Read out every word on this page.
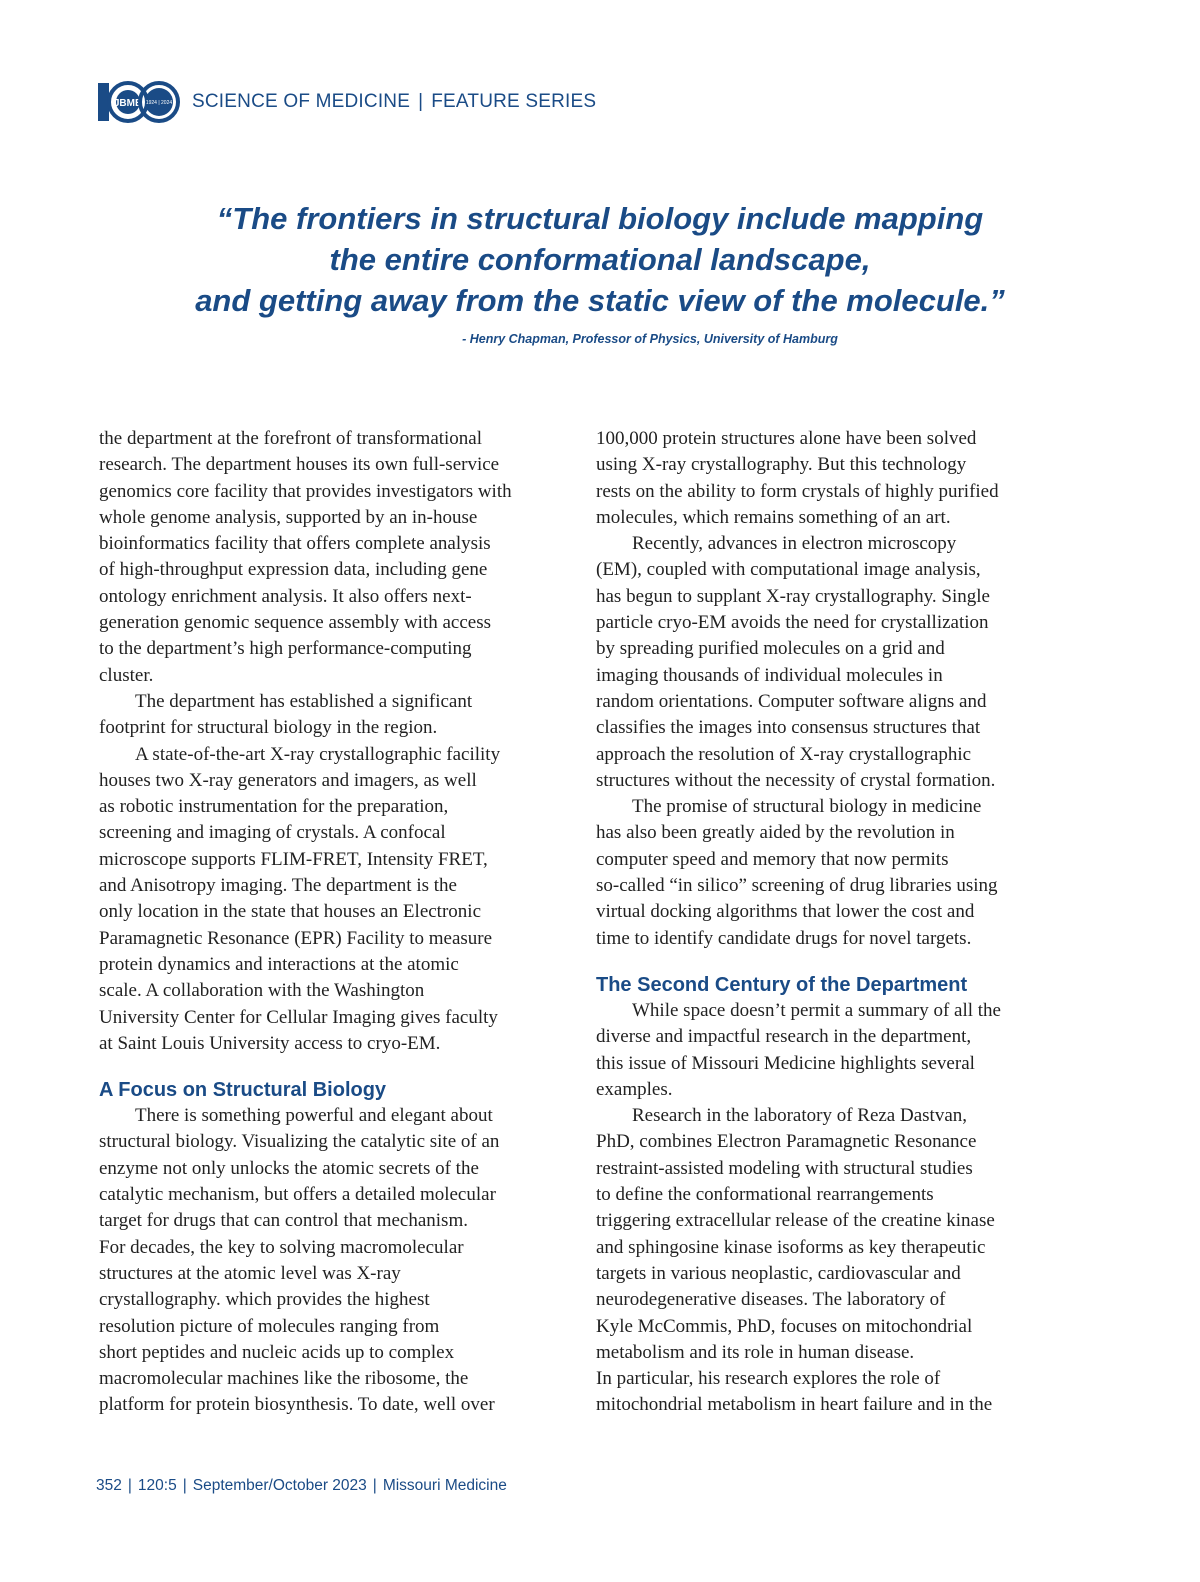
JBMB 1924 | 2024 SCIENCE OF MEDICINE | FEATURE SERIES
“The frontiers in structural biology include mapping
the entire conformational landscape,
and getting away from the static view of the molecule.”
- Henry Chapman, Professor of Physics, University of Hamburg

the department at the forefront of transformational

research. The department houses its own full-service

genomics core facility that provides investigators with

whole genome analysis, supported by an in-house

bioinformatics facility that offers complete analysis

of high-throughput expression data, including gene

ontology enrichment analysis. It also offers next-

generation genomic sequence assembly with access

to the department’s high performance-computing

cluster.

The department has established a significant

footprint for structural biology in the region.

A state-of-the-art X-ray crystallographic facility

houses two X-ray generators and imagers, as well

as robotic instrumentation for the preparation,

screening and imaging of crystals. A confocal

microscope supports FLIM-FRET, Intensity FRET,

and Anisotropy imaging. The department is the

only location in the state that houses an Electronic

Paramagnetic Resonance (EPR) Facility to measure

protein dynamics and interactions at the atomic

scale. A collaboration with the Washington

University Center for Cellular Imaging gives faculty

at Saint Louis University access to cryo-EM.

A Focus on Structural Biology

There is something powerful and elegant about

structural biology. Visualizing the catalytic site of an

enzyme not only unlocks the atomic secrets of the

catalytic mechanism, but offers a detailed molecular

target for drugs that can control that mechanism.

For decades, the key to solving macromolecular

structures at the atomic level was X-ray

crystallography. which provides the highest

resolution picture of molecules ranging from

short peptides and nucleic acids up to complex

macromolecular machines like the ribosome, the

platform for protein biosynthesis. To date, well over

100,000 protein structures alone have been solved

using X-ray crystallography. But this technology

rests on the ability to form crystals of highly purified

molecules, which remains something of an art.

Recently, advances in electron microscopy

(EM), coupled with computational image analysis,

has begun to supplant X-ray crystallography. Single

particle cryo-EM avoids the need for crystallization

by spreading purified molecules on a grid and

imaging thousands of individual molecules in

random orientations. Computer software aligns and

classifies the images into consensus structures that

approach the resolution of X-ray crystallographic

structures without the necessity of crystal formation.

The promise of structural biology in medicine

has also been greatly aided by the revolution in

computer speed and memory that now permits

so-called “in silico” screening of drug libraries using

virtual docking algorithms that lower the cost and

time to identify candidate drugs for novel targets.

The Second Century of the Department

While space doesn’t permit a summary of all the

diverse and impactful research in the department,

this issue of Missouri Medicine highlights several

examples.

Research in the laboratory of Reza Dastvan,

PhD, combines Electron Paramagnetic Resonance

restraint-assisted modeling with structural studies

to define the conformational rearrangements

triggering extracellular release of the creatine kinase

and sphingosine kinase isoforms as key therapeutic

targets in various neoplastic, cardiovascular and

neurodegenerative diseases. The laboratory of

Kyle McCommis, PhD, focuses on mitochondrial

metabolism and its role in human disease.

In particular, his research explores the role of

mitochondrial metabolism in heart failure and in the

352 | 120:5 | September/October 2023 | Missouri Medicine
